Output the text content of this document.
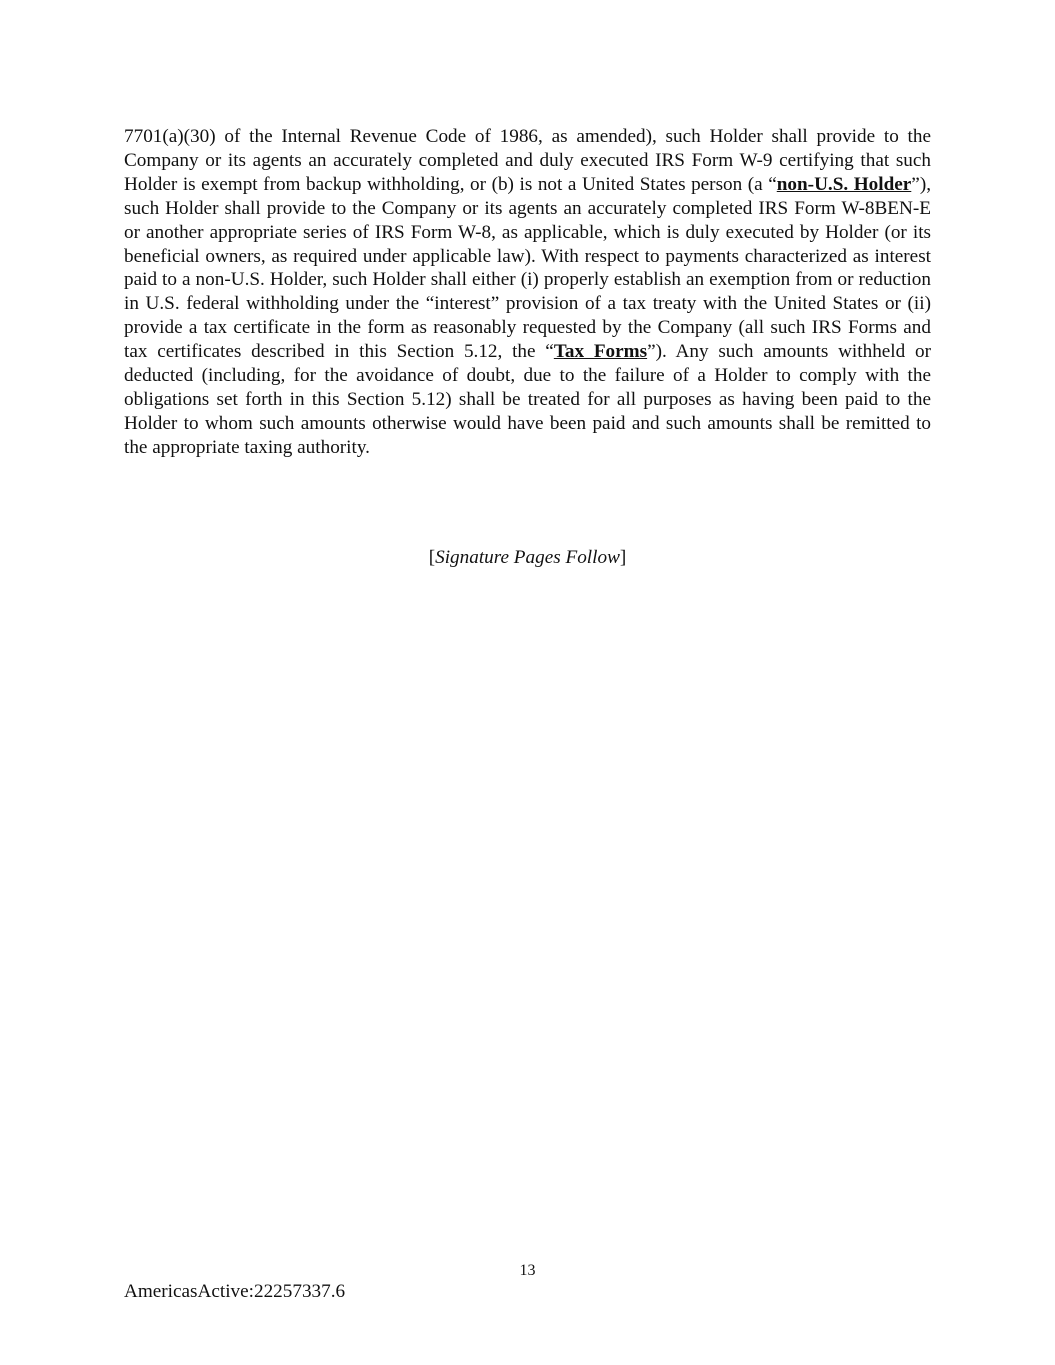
7701(a)(30) of the Internal Revenue Code of 1986, as amended), such Holder shall provide to the Company or its agents an accurately completed and duly executed IRS Form W-9 certifying that such Holder is exempt from backup withholding, or (b) is not a United States person (a “non-U.S. Holder”), such Holder shall provide to the Company or its agents an accurately completed IRS Form W-8BEN-E or another appropriate series of IRS Form W-8, as applicable, which is duly executed by Holder (or its beneficial owners, as required under applicable law). With respect to payments characterized as interest paid to a non-U.S. Holder, such Holder shall either (i) properly establish an exemption from or reduction in U.S. federal withholding under the “interest” provision of a tax treaty with the United States or (ii) provide a tax certificate in the form as reasonably requested by the Company (all such IRS Forms and tax certificates described in this Section 5.12, the “Tax Forms”). Any such amounts withheld or deducted (including, for the avoidance of doubt, due to the failure of a Holder to comply with the obligations set forth in this Section 5.12) shall be treated for all purposes as having been paid to the Holder to whom such amounts otherwise would have been paid and such amounts shall be remitted to the appropriate taxing authority.

[Signature Pages Follow]
13
AmericasActive:22257337.6
